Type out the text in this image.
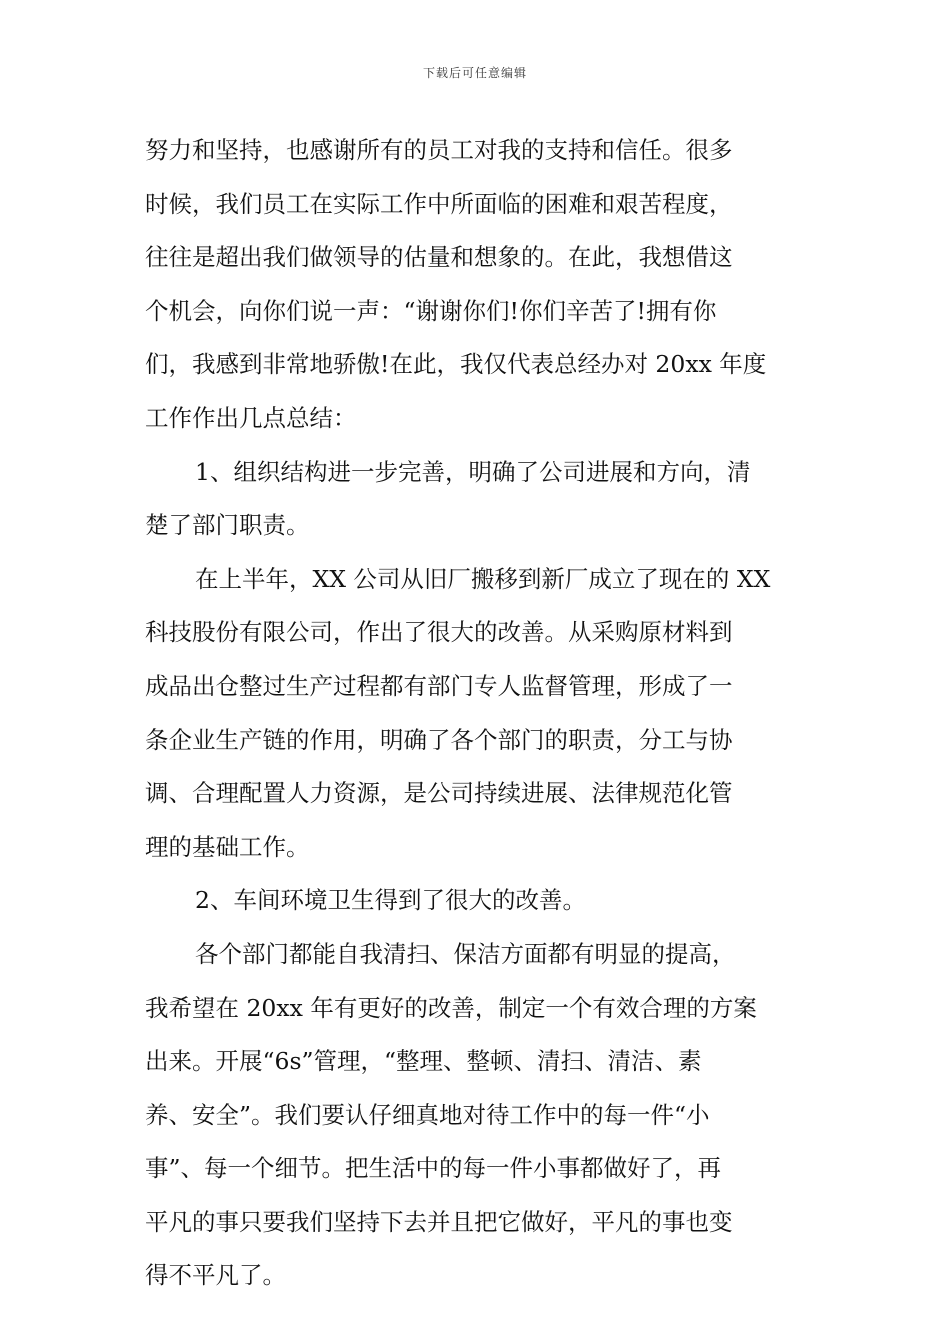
下载后可任意编辑
努力和坚持，也感谢所有的员工对我的支持和信任。很多
时候，我们员工在实际工作中所面临的困难和艰苦程度，
往往是超出我们做领导的估量和想象的。在此，我想借这
个机会，向你们说一声：“谢谢你们!你们辛苦了!拥有你
们，我感到非常地骄傲!在此，我仅代表总经办对 20xx 年度
工作作出几点总结：
1、组织结构进一步完善，明确了公司进展和方向，清
楚了部门职责。
在上半年，XX 公司从旧厂搬移到新厂成立了现在的 XX
科技股份有限公司，作出了很大的改善。从采购原材料到
成品出仓整过生产过程都有部门专人监督管理，形成了一
条企业生产链的作用，明确了各个部门的职责，分工与协
调、合理配置人力资源，是公司持续进展、法律规范化管
理的基础工作。
2、车间环境卫生得到了很大的改善。
各个部门都能自我清扫、保洁方面都有明显的提高，
我希望在 20xx 年有更好的改善，制定一个有效合理的方案
出来。开展“6s”管理，“整理、整顿、清扫、清洁、素
养、安全”。我们要认仔细真地对待工作中的每一件“小
事”、每一个细节。把生活中的每一件小事都做好了，再
平凡的事只要我们坚持下去并且把它做好，平凡的事也变
得不平凡了。
